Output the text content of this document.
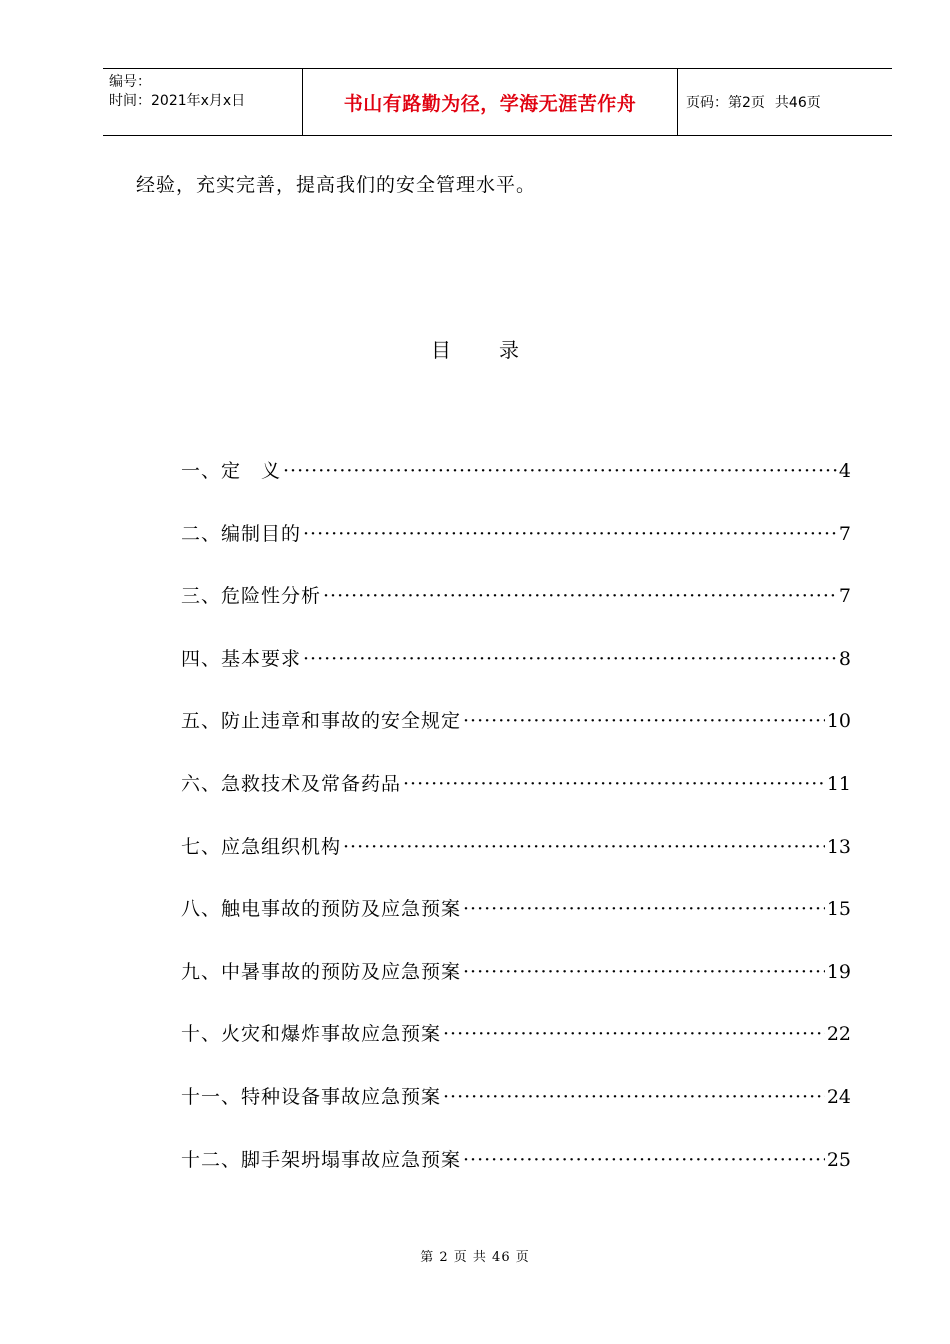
编号：
时间：2021年x月x日	书山有路勤为径，学海无涯苦作舟	页码：第2页 共46页
经验，充实完善，提高我们的安全管理水平。
目 录
一、定　义 ·····	4
二、编制目的 ·····	7
三、危险性分析 ·····	7
四、基本要求 ·····	8
五、防止违章和事故的安全规定 ·····	10
六、急救技术及常备药品 ·····	11
七、应急组织机构 ·····	13
八、触电事故的预防及应急预案 ·····	15
九、中暑事故的预防及应急预案 ·····	19
十、火灾和爆炸事故应急预案 ·····	22
十一、特种设备事故应急预案 ·····	24
十二、脚手架坍塌事故应急预案 ·····	25
第 2 页 共 46 页
